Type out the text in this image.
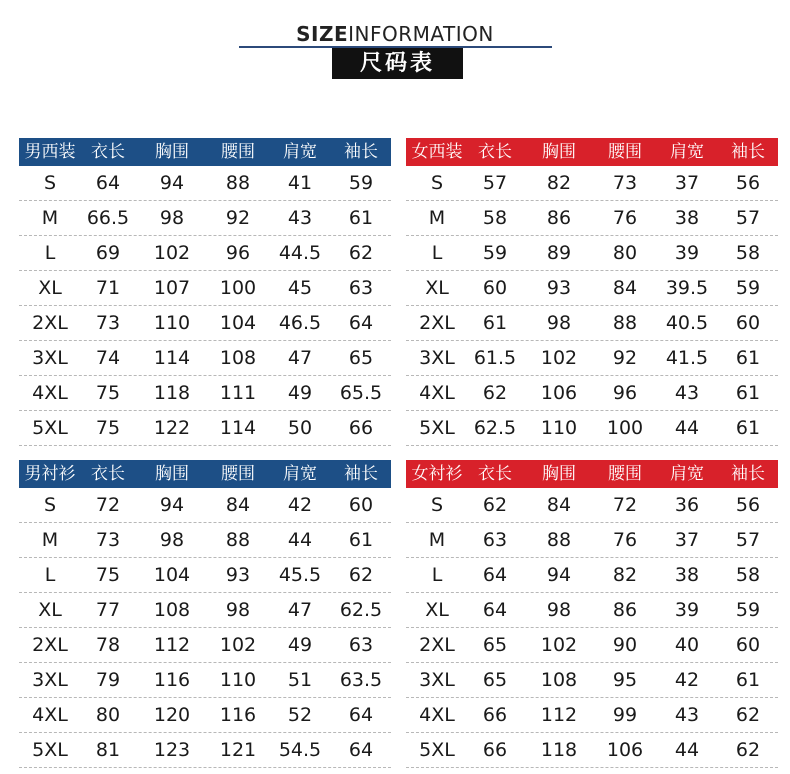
SIZEINFORMATION
尺码表
男西装 衣长	胸围	腰围	肩宽	袖长
S	64	94	88	41	59
M	66.5	98	92	43	61
L	69	102	96	44.5	62
XL	71	107	100	45	63
2XL	73	110	104	46.5	64
3XL	74	114	108	47	65
4XL	75	118	111	49	65.5
5XL	75	122	114	50	66
女西装 衣长	胸围	腰围	肩宽	袖长
S	57	82	73	37	56
M	58	86	76	38	57
L	59	89	80	39	58
XL	60	93	84	39.5	59
2XL	61	98	88	40.5	60
3XL	61.5	102	92	41.5	61
4XL	62	106	96	43	61
5XL	62.5	110	100	44	61
男衬衫 衣长	胸围	腰围	肩宽	袖长
S	72	94	84	42	60
M	73	98	88	44	61
L	75	104	93	45.5	62
XL	77	108	98	47	62.5
2XL	78	112	102	49	63
3XL	79	116	110	51	63.5
4XL	80	120	116	52	64
5XL	81	123	121	54.5	64
女衬衫 衣长	胸围	腰围	肩宽	袖长
S	62	84	72	36	56
M	63	88	76	37	57
L	64	94	82	38	58
XL	64	98	86	39	59
2XL	65	102	90	40	60
3XL	65	108	95	42	61
4XL	66	112	99	43	62
5XL	66	118	106	44	62
